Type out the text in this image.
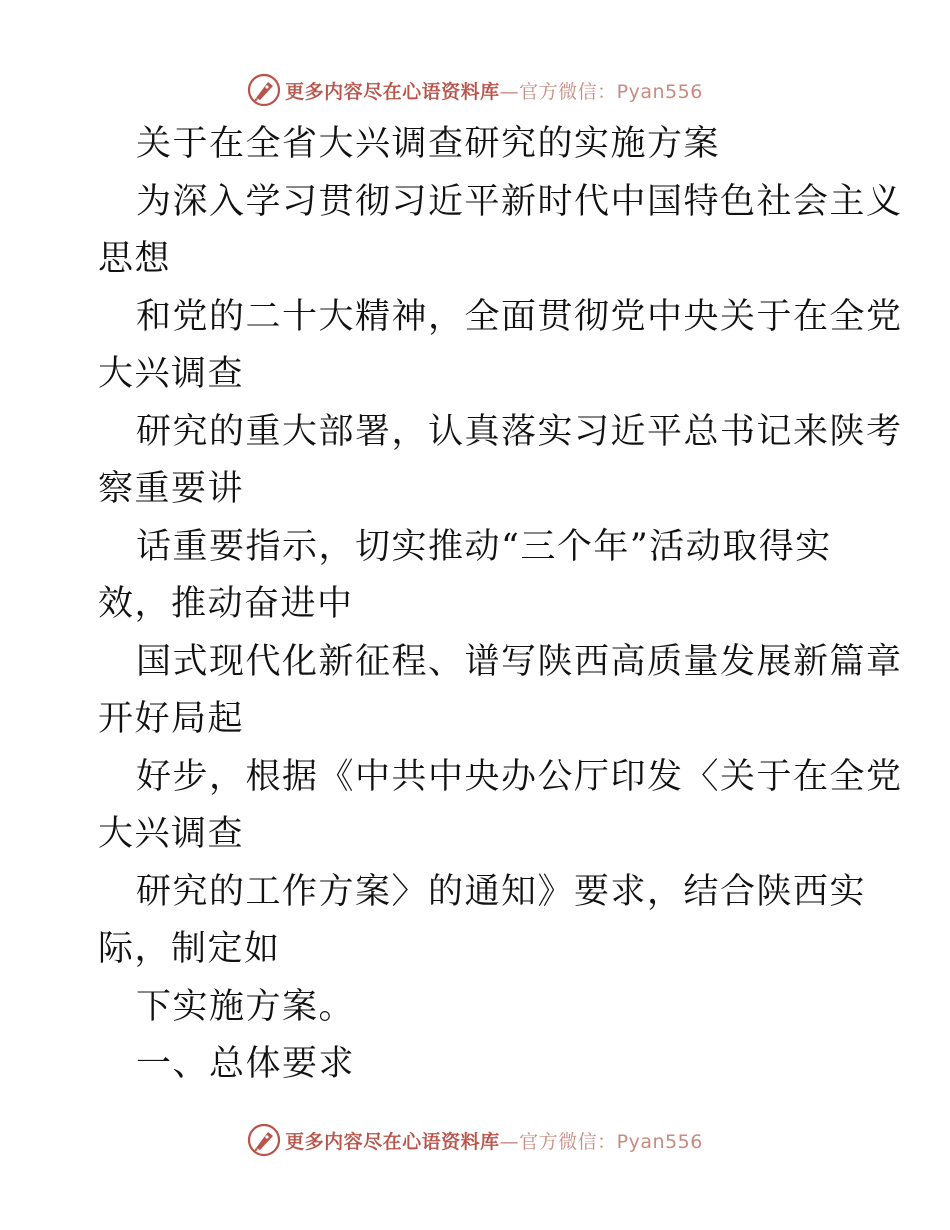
更多内容尽在心语资料库—官方微信：Pyan556
关于在全省大兴调查研究的实施方案
为深入学习贯彻习近平新时代中国特色社会主义
思想
和党的二十大精神，全面贯彻党中央关于在全党
大兴调查
研究的重大部署，认真落实习近平总书记来陕考
察重要讲
话重要指示，切实推动“三个年”活动取得实
效，推动奋进中
国式现代化新征程、谱写陕西高质量发展新篇章
开好局起
好步，根据《中共中央办公厅印发〈关于在全党
大兴调查
研究的工作方案〉的通知》要求，结合陕西实
际，制定如
下实施方案。
一、总体要求
更多内容尽在心语资料库—官方微信：Pyan556
